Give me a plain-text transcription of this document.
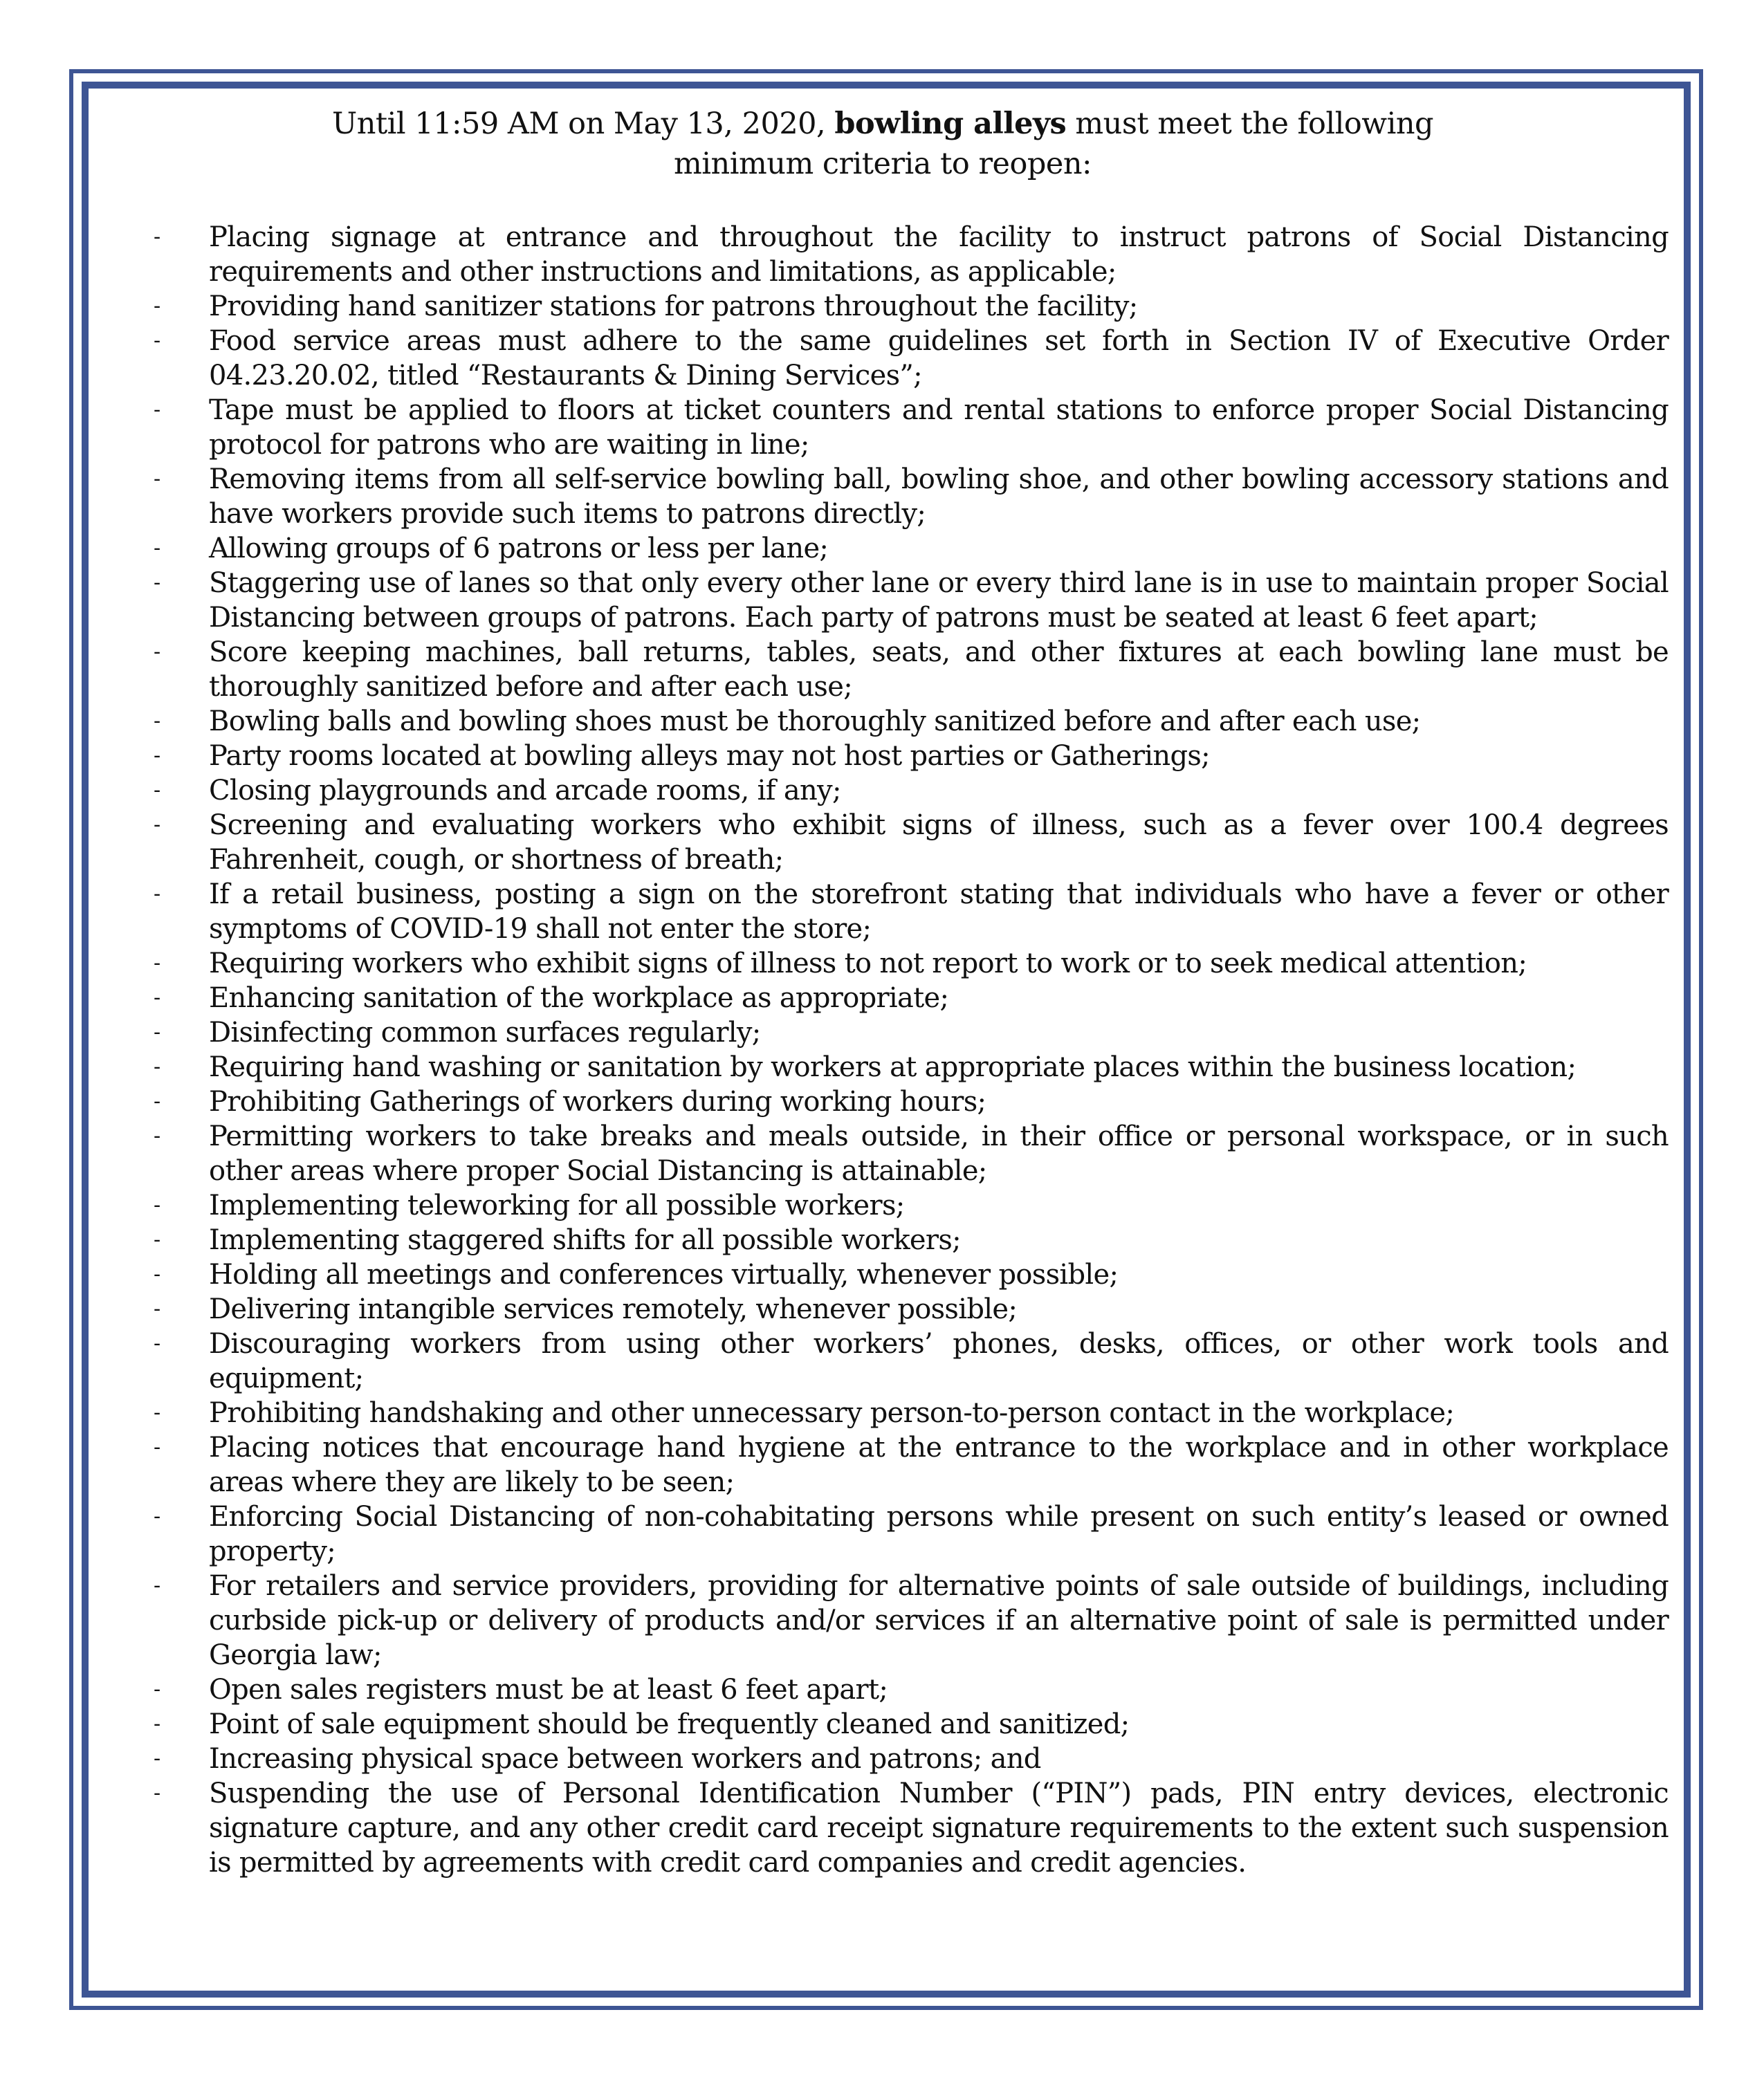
Until 11:59 AM on May 13, 2020, bowling alleys must meet the following
minimum criteria to reopen:
-	Placing signage at entrance and throughout the facility to instruct patrons of Social Distancing requirements and other instructions and limitations, as applicable;
-	Providing hand sanitizer stations for patrons throughout the facility;
-	Food service areas must adhere to the same guidelines set forth in Section IV of Executive Order 04.23.20.02, titled “Restaurants & Dining Services”;
-	Tape must be applied to floors at ticket counters and rental stations to enforce proper Social Distancing protocol for patrons who are waiting in line;
-	Removing items from all self-service bowling ball, bowling shoe, and other bowling accessory stations and have workers provide such items to patrons directly;
-	Allowing groups of 6 patrons or less per lane;
-	Staggering use of lanes so that only every other lane or every third lane is in use to maintain proper Social Distancing between groups of patrons. Each party of patrons must be seated at least 6 feet apart;
-	Score keeping machines, ball returns, tables, seats, and other fixtures at each bowling lane must be thoroughly sanitized before and after each use;
-	Bowling balls and bowling shoes must be thoroughly sanitized before and after each use;
-	Party rooms located at bowling alleys may not host parties or Gatherings;
-	Closing playgrounds and arcade rooms, if any;
-	Screening and evaluating workers who exhibit signs of illness, such as a fever over 100.4 degrees Fahrenheit, cough, or shortness of breath;
-	If a retail business, posting a sign on the storefront stating that individuals who have a fever or other symptoms of COVID-19 shall not enter the store;
-	Requiring workers who exhibit signs of illness to not report to work or to seek medical attention;
-	Enhancing sanitation of the workplace as appropriate;
-	Disinfecting common surfaces regularly;
-	Requiring hand washing or sanitation by workers at appropriate places within the business location;
-	Prohibiting Gatherings of workers during working hours;
-	Permitting workers to take breaks and meals outside, in their office or personal workspace, or in such other areas where proper Social Distancing is attainable;
-	Implementing teleworking for all possible workers;
-	Implementing staggered shifts for all possible workers;
-	Holding all meetings and conferences virtually, whenever possible;
-	Delivering intangible services remotely, whenever possible;
-	Discouraging workers from using other workers’ phones, desks, offices, or other work tools and equipment;
-	Prohibiting handshaking and other unnecessary person-to-person contact in the workplace;
-	Placing notices that encourage hand hygiene at the entrance to the workplace and in other workplace areas where they are likely to be seen;
-	Enforcing Social Distancing of non-cohabitating persons while present on such entity’s leased or owned property;
-	For retailers and service providers, providing for alternative points of sale outside of buildings, including curbside pick-up or delivery of products and/or services if an alternative point of sale is permitted under Georgia law;
-	Open sales registers must be at least 6 feet apart;
-	Point of sale equipment should be frequently cleaned and sanitized;
-	Increasing physical space between workers and patrons; and
-	Suspending the use of Personal Identification Number (“PIN”) pads, PIN entry devices, electronic signature capture, and any other credit card receipt signature requirements to the extent such suspension is permitted by agreements with credit card companies and credit agencies.
